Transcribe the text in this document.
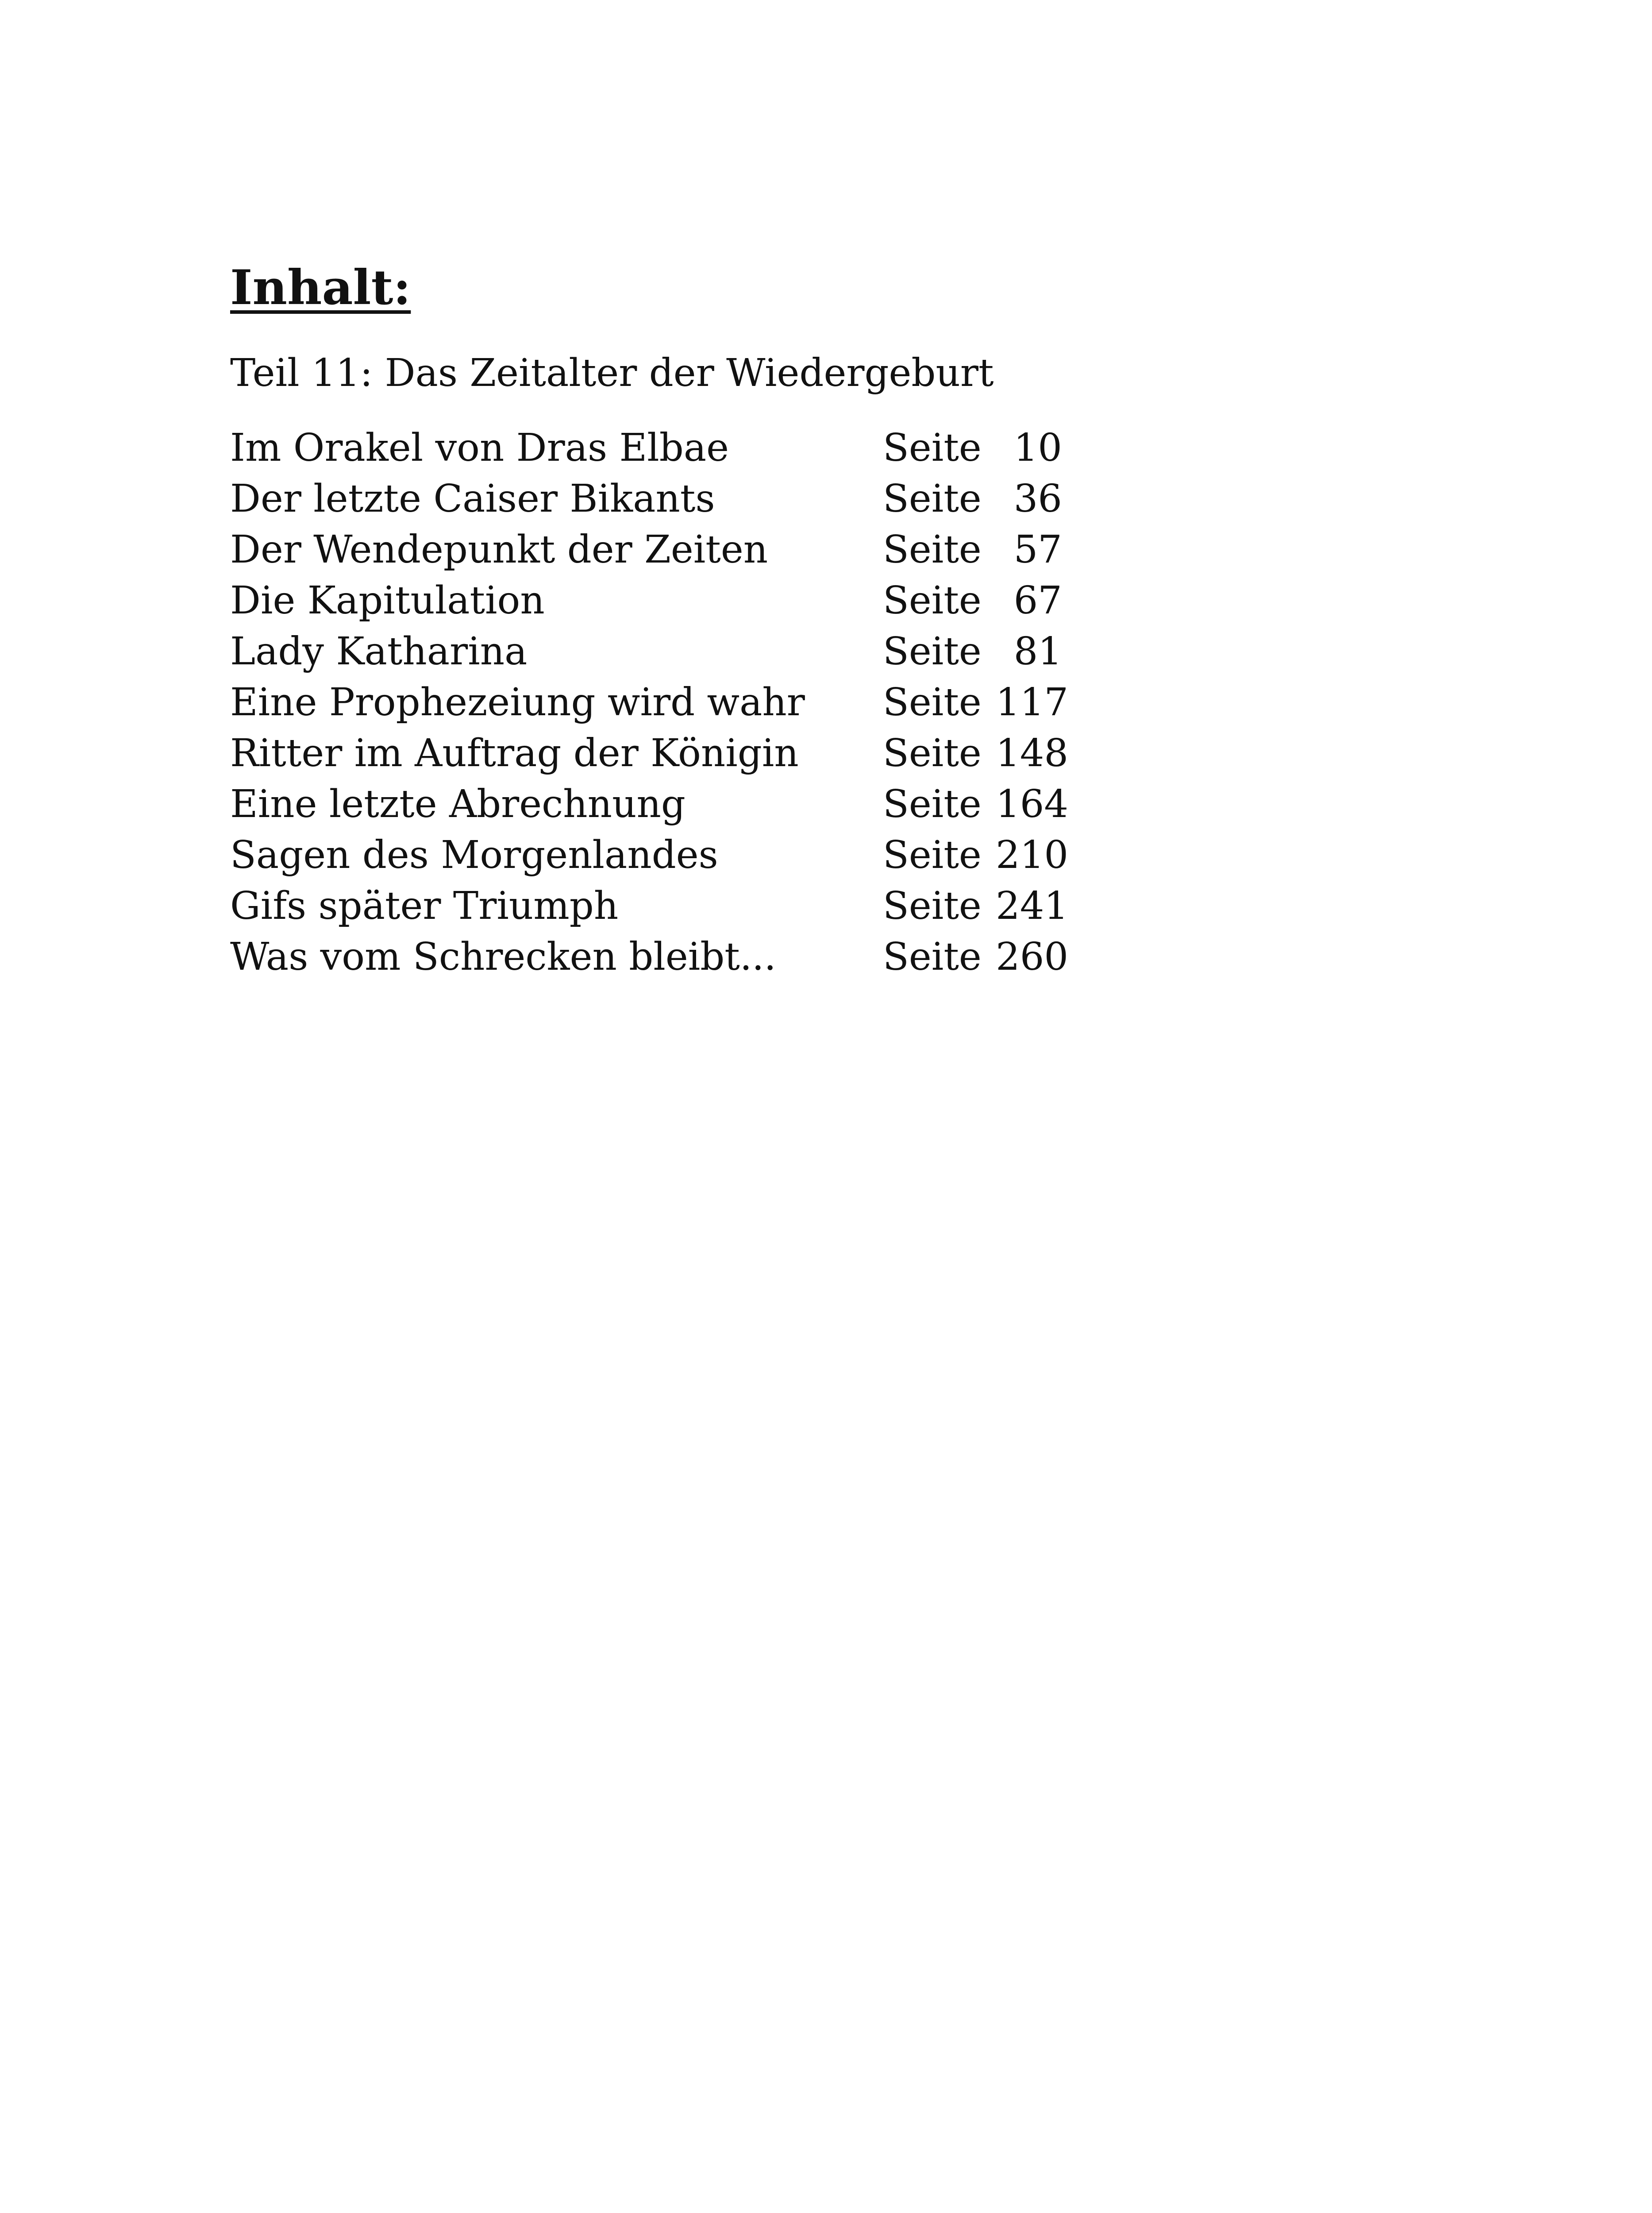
Inhalt:
Teil 11: Das Zeitalter der Wiedergeburt
Im Orakel von Dras Elbae	Seite 10
Der letzte Caiser Bikants	Seite 36
Der Wendepunkt der Zeiten	Seite 57
Die Kapitulation	Seite 67
Lady Katharina	Seite 81
Eine Prophezeiung wird wahr	Seite 117
Ritter im Auftrag der Königin	Seite 148
Eine letzte Abrechnung	Seite 164
Sagen des Morgenlandes	Seite 210
Gifs später Triumph	Seite 241
Was vom Schrecken bleibt...	Seite 260
